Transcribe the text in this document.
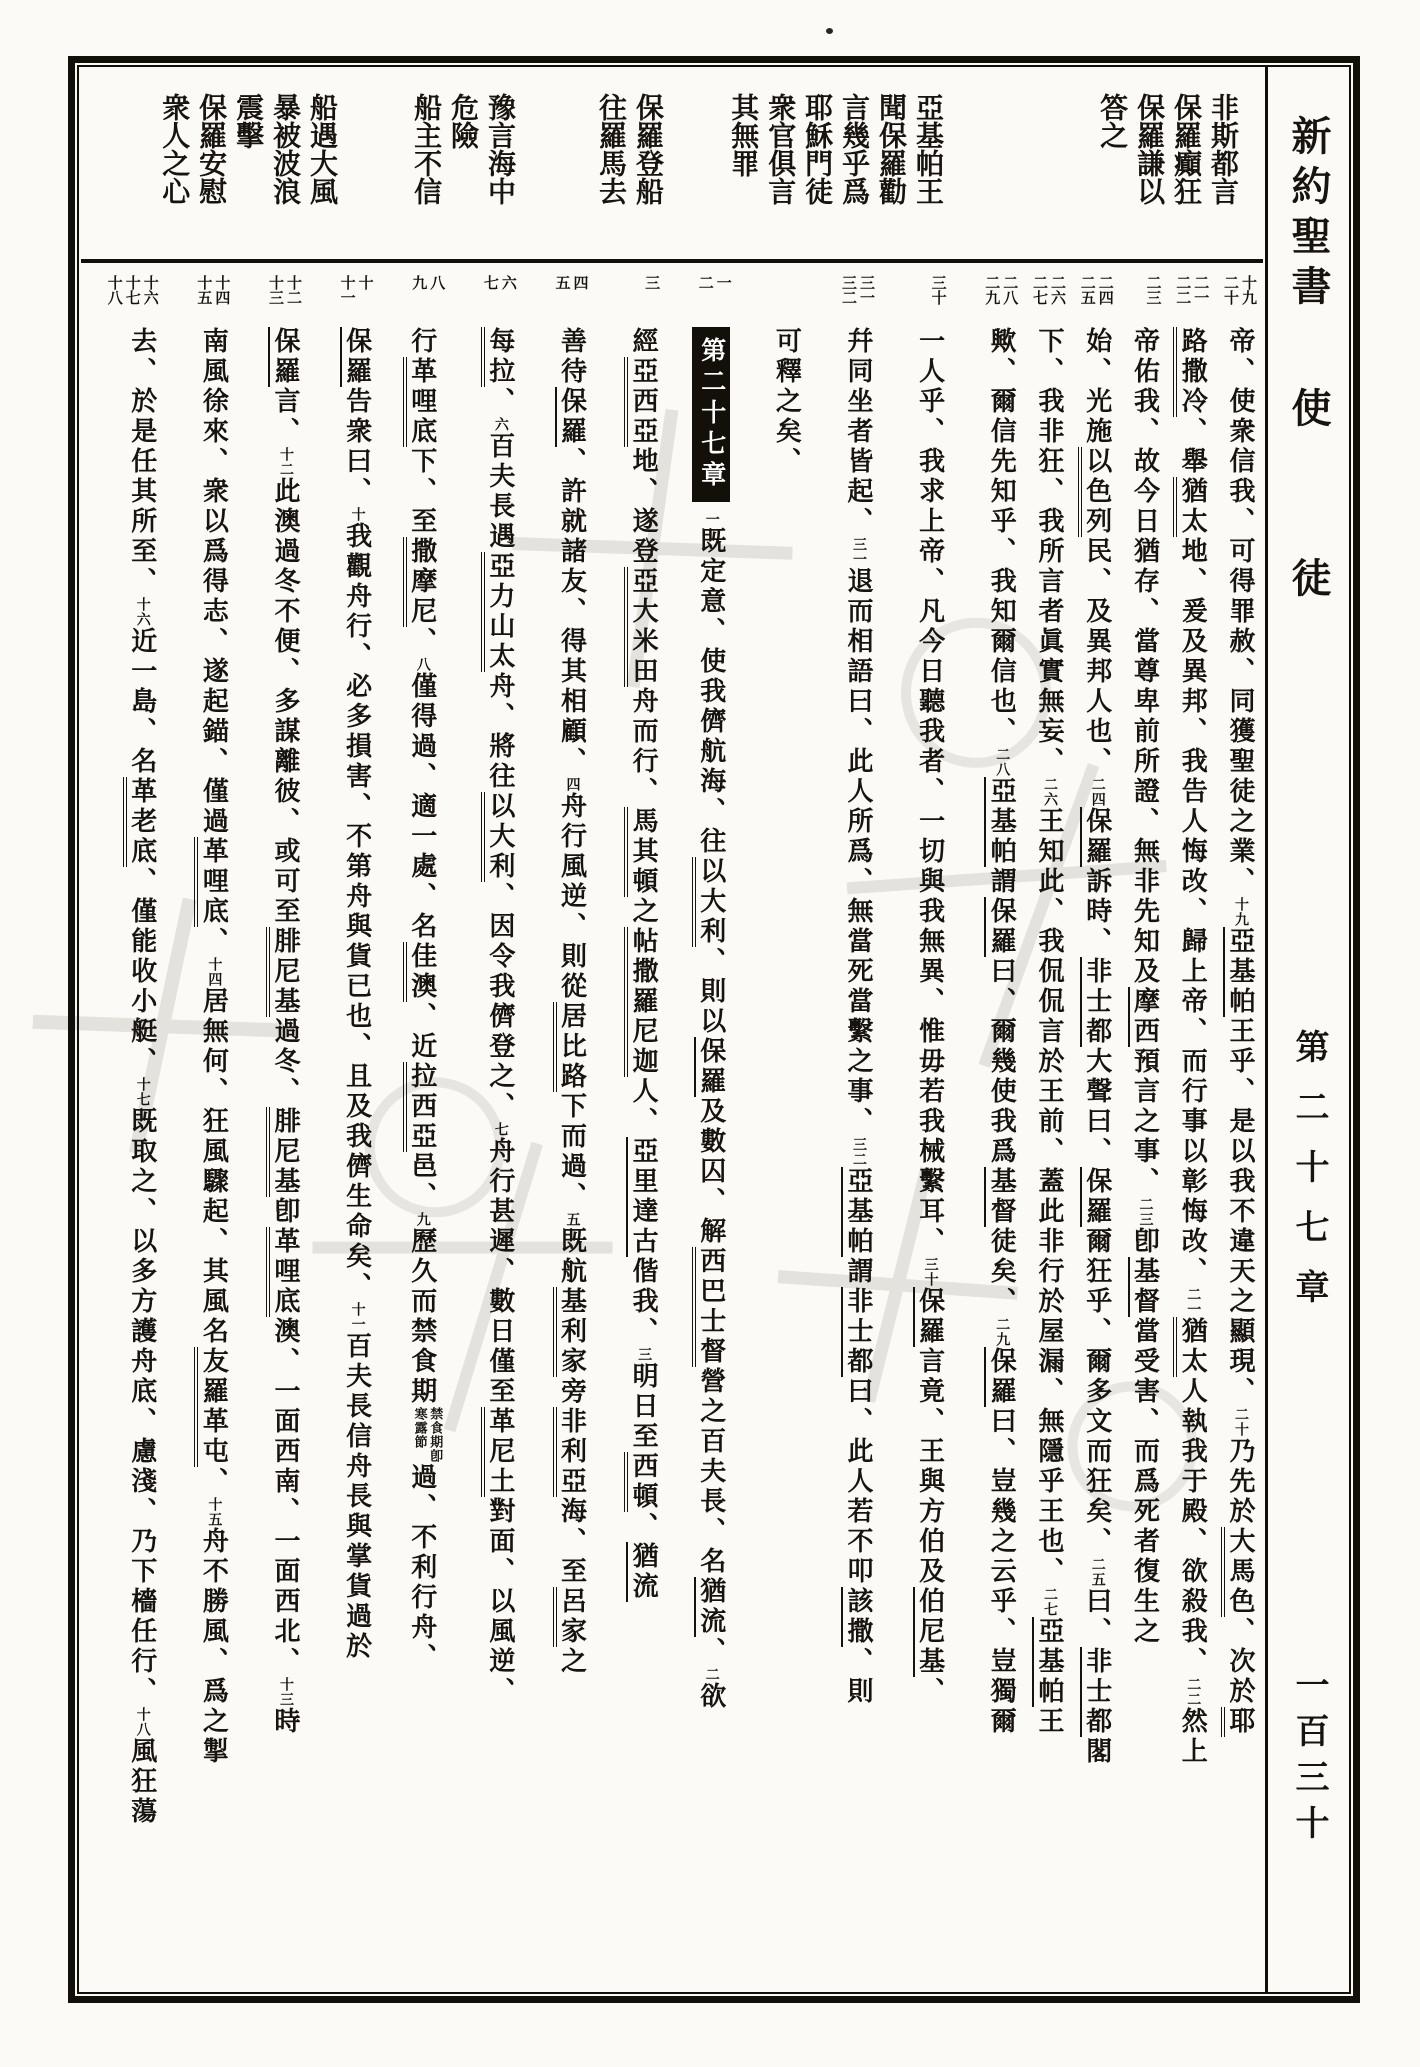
新約聖書
使徒
第二十七章
一百三十
非斯都言
保羅癲狂
保羅謙以
答之
亞基帕王
聞保羅勸
言幾乎爲
耶穌門徒
衆官俱言
其無罪
保羅登船
往羅馬去
豫言海中
危險
船主不信
船遇大風
暴被波浪
震擊
保羅安慰
衆人之心
十九
二十
帝、使衆信我、可得罪赦、同獲聖徒之業、十九亞基帕王乎、是以我不違天之顯現、二十乃先於大馬色、次於耶
二一
二二
路撒冷、舉猶太地、爰及異邦、我告人悔改、歸上帝、而行事以彰悔改、二一猶太人執我于殿、欲殺我、二二然上
二三
帝佑我、故今日猶存、當尊卑前所證、無非先知及摩西預言之事、二三卽基督當受害、而爲死者復生之
二四
二五
始、光施以色列民、及異邦人也、二四保羅訴時、非士都大聲曰、保羅爾狂乎、爾多文而狂矣、二五曰、非士都閣
二六
二七
下、我非狂、我所言者眞實無妄、二六王知此、我侃侃言於王前、蓋此非行於屋漏、無隱乎王也、二七亞基帕王
二八
二九
歟、爾信先知乎、我知爾信也、二八亞基帕謂保羅曰、爾幾使我爲基督徒矣、二九保羅曰、豈幾之云乎、豈獨爾
三十
一人乎、我求上帝、凡今日聽我者、一切與我無異、惟毋若我械繫耳、三十保羅言竟、王與方伯及伯尼基、
三一
三二
幷同坐者皆起、三一退而相語曰、此人所爲、無當死當繫之事、三二亞基帕謂非士都曰、此人若不叩該撒、則
可釋之矣、
一
二
第二十七章一既定意、使我儕航海、往以大利、則以保羅及數囚、解西巴士督營之百夫長、名猶流、二欲
三
經亞西亞地、遂登亞大米田舟而行、馬其頓之帖撒羅尼迦人、亞里達古偕我、三明日至西頓、猶流
四
五
善待保羅、許就諸友、得其相顧、四舟行風逆、則從居比路下而過、五既航基利家旁非利亞海、至呂家之
六
七
每拉、六百夫長遇亞力山太舟、將往以大利、因令我儕登之、七舟行甚遲、數日僅至革尼土對面、以風逆、
八
九
行革哩底下、至撒摩尼、八僅得過、適一處、名佳澳、近拉西亞邑、九歷久而禁食期禁食期卽寒露節過、不利行舟、
十
十一
保羅告衆曰、十我觀舟行、必多損害、不第舟與貨已也、且及我儕生命矣、十一百夫長信舟長與掌貨過於
十二
十三
保羅言、十二此澳過冬不便、多謀離彼、或可至腓尼基過冬、腓尼基卽革哩底澳、一面西南、一面西北、十三時
十四
十五
南風徐來、衆以爲得志、遂起錨、僅過革哩底、十四居無何、狂風驟起、其風名友羅革屯、十五舟不勝風、爲之掣
十六
十七
十八
去、於是任其所至、十六近一島、名革老底、僅能收小艇、十七既取之、以多方護舟底、慮淺、乃下檣任行、十八風狂蕩
